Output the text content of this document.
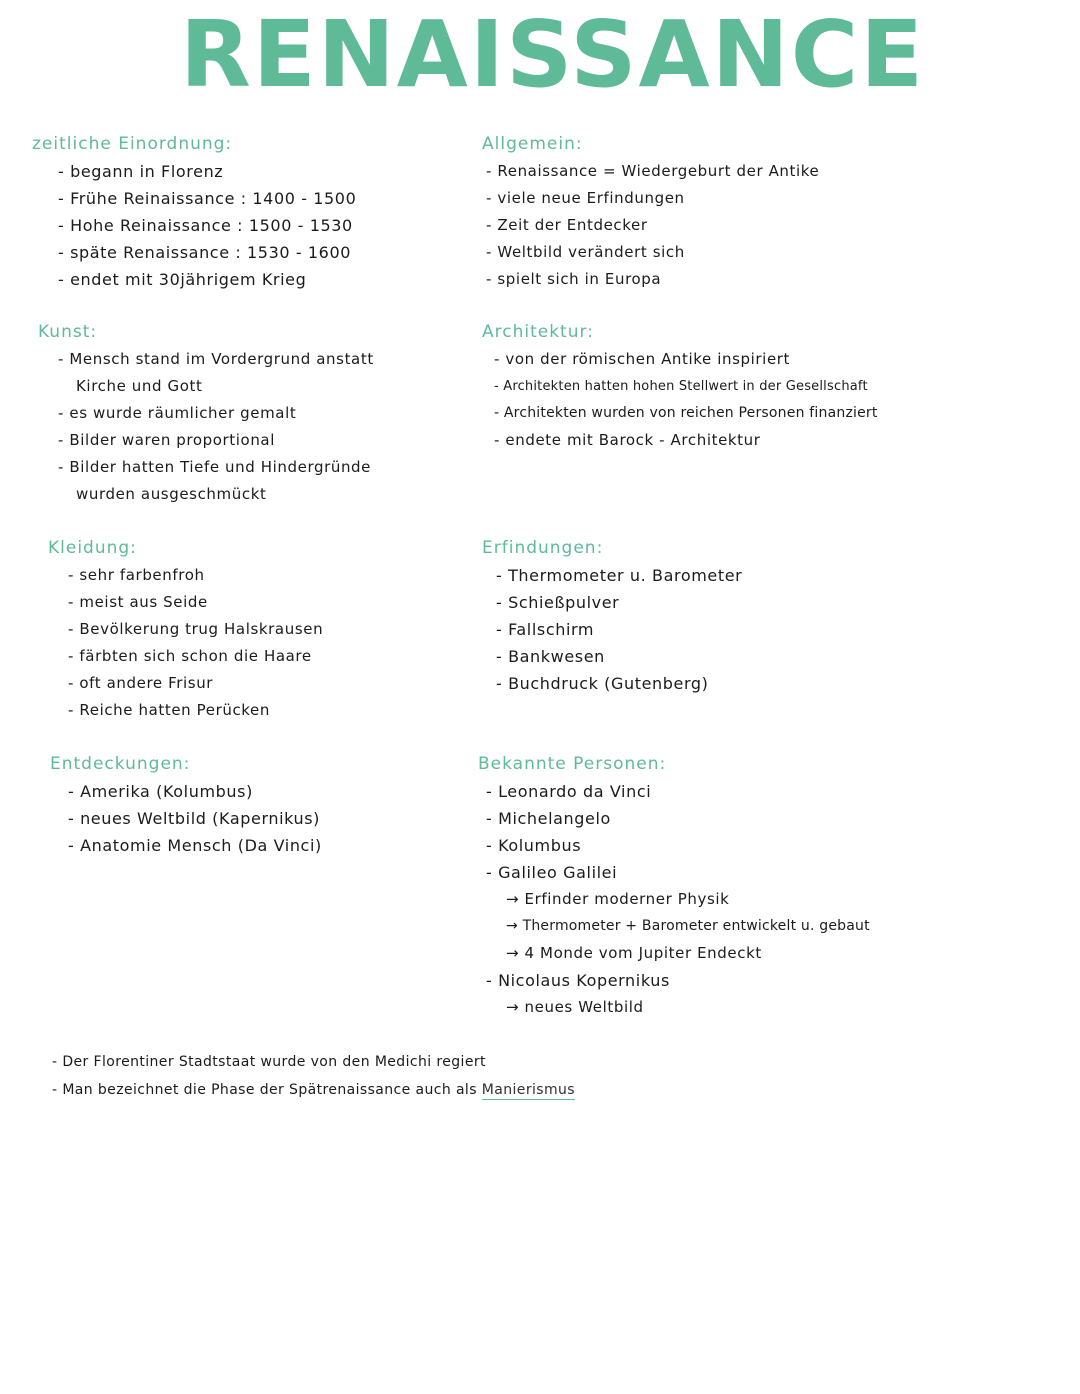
RENAISSANCE
zeitliche Einordnung:
- begann in Florenz
- Frühe Reinaissance : 1400 - 1500
- Hohe Reinaissance : 1500 - 1530
- späte Renaissance : 1530 - 1600
- endet mit 30jährigem Krieg
Allgemein:
- Renaissance = Wiedergeburt der Antike
- viele neue Erfindungen
- Zeit der Entdecker
- Weltbild verändert sich
- spielt sich in Europa
Kunst:
- Mensch stand im Vordergrund anstatt
Kirche und Gott
- es wurde räumlicher gemalt
- Bilder waren proportional
- Bilder hatten Tiefe und Hindergründe
wurden ausgeschmückt
Architektur:
- von der römischen Antike inspiriert
- Architekten hatten hohen Stellwert in der Gesellschaft
- Architekten wurden von reichen Personen finanziert
- endete mit Barock - Architektur
Kleidung:
- sehr farbenfroh
- meist aus Seide
- Bevölkerung trug Halskrausen
- färbten sich schon die Haare
- oft andere Frisur
- Reiche hatten Perücken
Erfindungen:
- Thermometer u. Barometer
- Schießpulver
- Fallschirm
- Bankwesen
- Buchdruck (Gutenberg)
Entdeckungen:
- Amerika (Kolumbus)
- neues Weltbild (Kapernikus)
- Anatomie Mensch (Da Vinci)
Bekannte Personen:
- Leonardo da Vinci
- Michelangelo
- Kolumbus
- Galileo Galilei
→ Erfinder moderner Physik
→ Thermometer + Barometer entwickelt u. gebaut
→ 4 Monde vom Jupiter Endeckt
- Nicolaus Kopernikus
→ neues Weltbild
- Der Florentiner Stadtstaat wurde von den Medichi regiert
- Man bezeichnet die Phase der Spätrenaissance auch als Manierismus
